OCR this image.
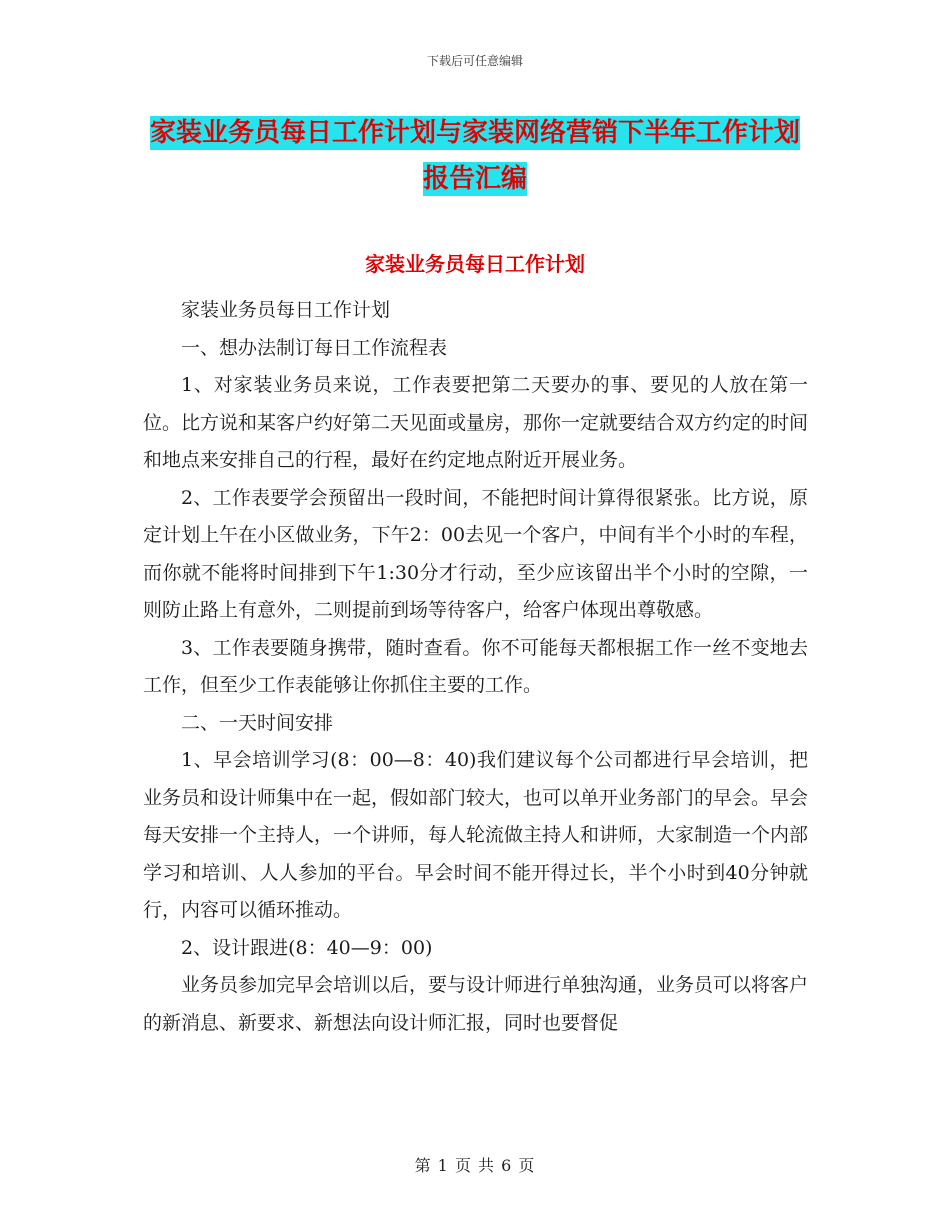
下载后可任意编辑
家装业务员每日工作计划与家装网络营销下半年工作计划报告汇编
家装业务员每日工作计划

家装业务员每日工作计划

一、想办法制订每日工作流程表

1、对家装业务员来说，工作表要把第二天要办的事、要见的人放在第一位。比方说和某客户约好第二天见面或量房，那你一定就要结合双方约定的时间和地点来安排自己的行程，最好在约定地点附近开展业务。

2、工作表要学会预留出一段时间，不能把时间计算得很紧张。比方说，原定计划上午在小区做业务，下午2：00去见一个客户，中间有半个小时的车程，而你就不能将时间排到下午1:30分才行动，至少应该留出半个小时的空隙，一则防止路上有意外，二则提前到场等待客户，给客户体现出尊敬感。

3、工作表要随身携带，随时查看。你不可能每天都根据工作一丝不变地去工作，但至少工作表能够让你抓住主要的工作。

二、一天时间安排

1、早会培训学习(8：00—8：40)我们建议每个公司都进行早会培训，把业务员和设计师集中在一起，假如部门较大，也可以单开业务部门的早会。早会每天安排一个主持人，一个讲师，每人轮流做主持人和讲师，大家制造一个内部学习和培训、人人参加的平台。早会时间不能开得过长，半个小时到40分钟就行，内容可以循环推动。

2、设计跟进(8：40—9：00)

业务员参加完早会培训以后，要与设计师进行单独沟通，业务员可以将客户的新消息、新要求、新想法向设计师汇报，同时也要督促

第 1 页 共 6 页
